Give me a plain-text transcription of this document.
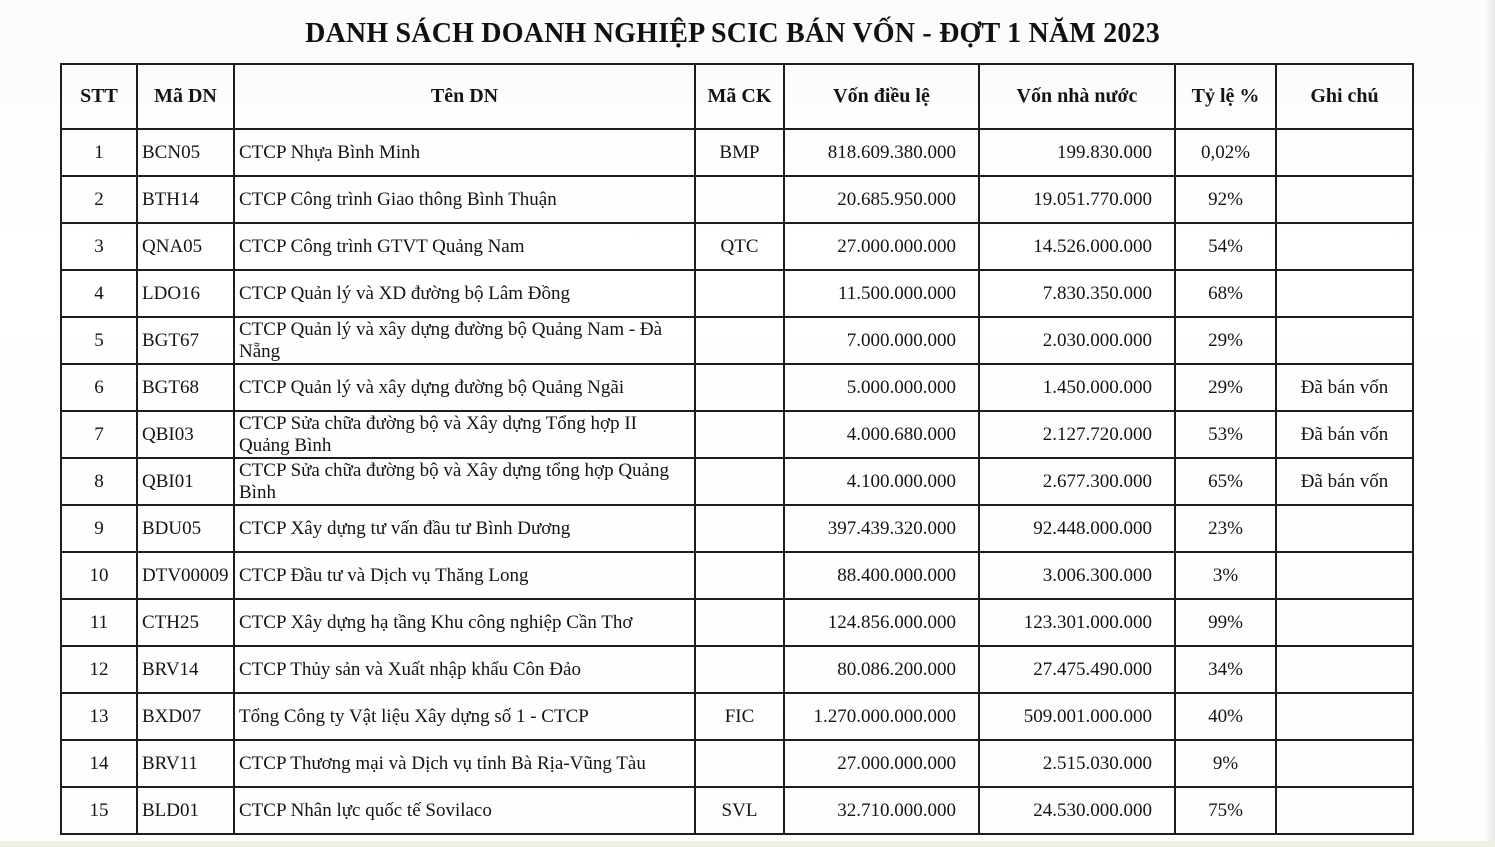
DANH SÁCH DOANH NGHIỆP SCIC BÁN VỐN - ĐỢT 1 NĂM 2023
STT	Mã DN	Tên DN	Mã CK	Vốn điều lệ	Vốn nhà nước	Tỷ lệ %	Ghi chú
1	BCN05	CTCP Nhựa Bình Minh	BMP	818.609.380.000	199.830.000	0,02%	
2	BTH14	CTCP Công trình Giao thông Bình Thuận		20.685.950.000	19.051.770.000	92%	
3	QNA05	CTCP Công trình GTVT Quảng Nam	QTC	27.000.000.000	14.526.000.000	54%	
4	LDO16	CTCP Quản lý và XD đường bộ Lâm Đồng		11.500.000.000	7.830.350.000	68%	
5	BGT67	CTCP Quản lý và xây dựng đường bộ Quảng Nam - Đà Nẵng		7.000.000.000	2.030.000.000	29%	
6	BGT68	CTCP Quản lý và xây dựng đường bộ Quảng Ngãi		5.000.000.000	1.450.000.000	29%	Đã bán vốn
7	QBI03	CTCP Sửa chữa đường bộ và Xây dựng Tổng hợp II Quảng Bình		4.000.680.000	2.127.720.000	53%	Đã bán vốn
8	QBI01	CTCP Sửa chữa đường bộ và Xây dựng tổng hợp Quảng Bình		4.100.000.000	2.677.300.000	65%	Đã bán vốn
9	BDU05	CTCP Xây dựng tư vấn đầu tư Bình Dương		397.439.320.000	92.448.000.000	23%	
10	DTV00009	CTCP Đầu tư và Dịch vụ Thăng Long		88.400.000.000	3.006.300.000	3%	
11	CTH25	CTCP Xây dựng hạ tầng Khu công nghiệp Cần Thơ		124.856.000.000	123.301.000.000	99%	
12	BRV14	CTCP Thủy sản và Xuất nhập khẩu Côn Đảo		80.086.200.000	27.475.490.000	34%	
13	BXD07	Tổng Công ty Vật liệu Xây dựng số 1 - CTCP	FIC	1.270.000.000.000	509.001.000.000	40%	
14	BRV11	CTCP Thương mại và Dịch vụ tỉnh Bà Rịa-Vũng Tàu		27.000.000.000	2.515.030.000	9%	
15	BLD01	CTCP Nhân lực quốc tế Sovilaco	SVL	32.710.000.000	24.530.000.000	75%	
